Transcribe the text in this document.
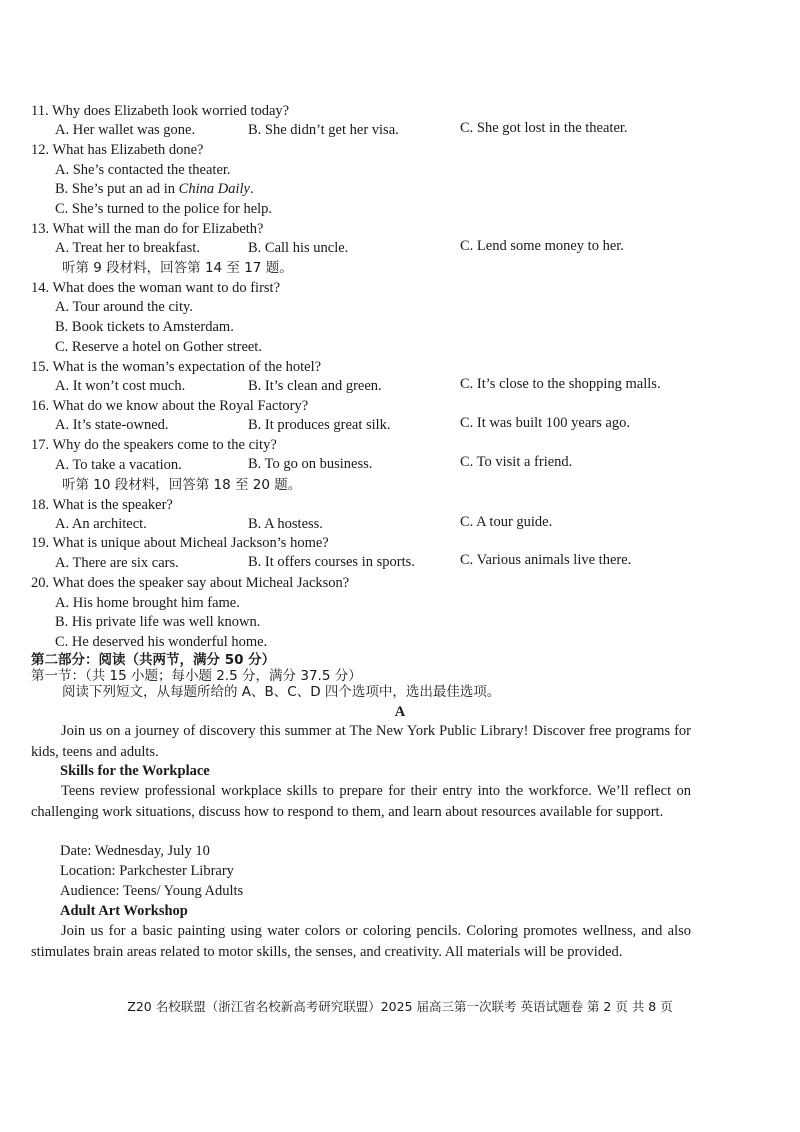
11. Why does Elizabeth look worried today?
A. Her wallet was gone.	B. She didn’t get her visa.	C. She got lost in the theater.
12. What has Elizabeth done?
A. She’s contacted the theater.
B. She’s put an ad in China Daily.
C. She’s turned to the police for help.
13. What will the man do for Elizabeth?
A. Treat her to breakfast.	B. Call his uncle.	C. Lend some money to her.
听第 9 段材料，回答第 14 至 17 题。
14. What does the woman want to do first?
A. Tour around the city.
B. Book tickets to Amsterdam.
C. Reserve a hotel on Gother street.
15. What is the woman’s expectation of the hotel?
A. It won’t cost much.	B. It’s clean and green.	C. It’s close to the shopping malls.
16. What do we know about the Royal Factory?
A. It’s state-owned.	B. It produces great silk.	C. It was built 100 years ago.
17. Why do the speakers come to the city?
A. To take a vacation.	B. To go on business.	C. To visit a friend.
听第 10 段材料，回答第 18 至 20 题。
18. What is the speaker?
A. An architect.	B. A hostess.	C. A tour guide.
19. What is unique about Micheal Jackson’s home?
A. There are six cars.	B. It offers courses in sports.	C. Various animals live there.
20. What does the speaker say about Micheal Jackson?
A. His home brought him fame.
B. His private life was well known.
C. He deserved his wonderful home.
第二部分：阅读（共两节，满分 50 分）
第一节：（共 15 小题；每小题 2.5 分，满分 37.5 分）
阅读下列短文，从每题所给的 A、B、C、D 四个选项中，选出最佳选项。
A
Join us on a journey of discovery this summer at The New York Public Library! Discover free programs for kids, teens and adults.
Skills for the Workplace
Teens review professional workplace skills to prepare for their entry into the workforce. We’ll reflect on challenging work situations, discuss how to respond to them, and learn about resources available for support.
Date: Wednesday, July 10
Location: Parkchester Library
Audience: Teens/ Young Adults
Adult Art Workshop
Join us for a basic painting using water colors or coloring pencils. Coloring promotes wellness, and also stimulates brain areas related to motor skills, the senses, and creativity. All materials will be provided.
Z20 名校联盟（浙江省名校新高考研究联盟）2025 届高三第一次联考 英语试题卷 第 2 页 共 8 页
